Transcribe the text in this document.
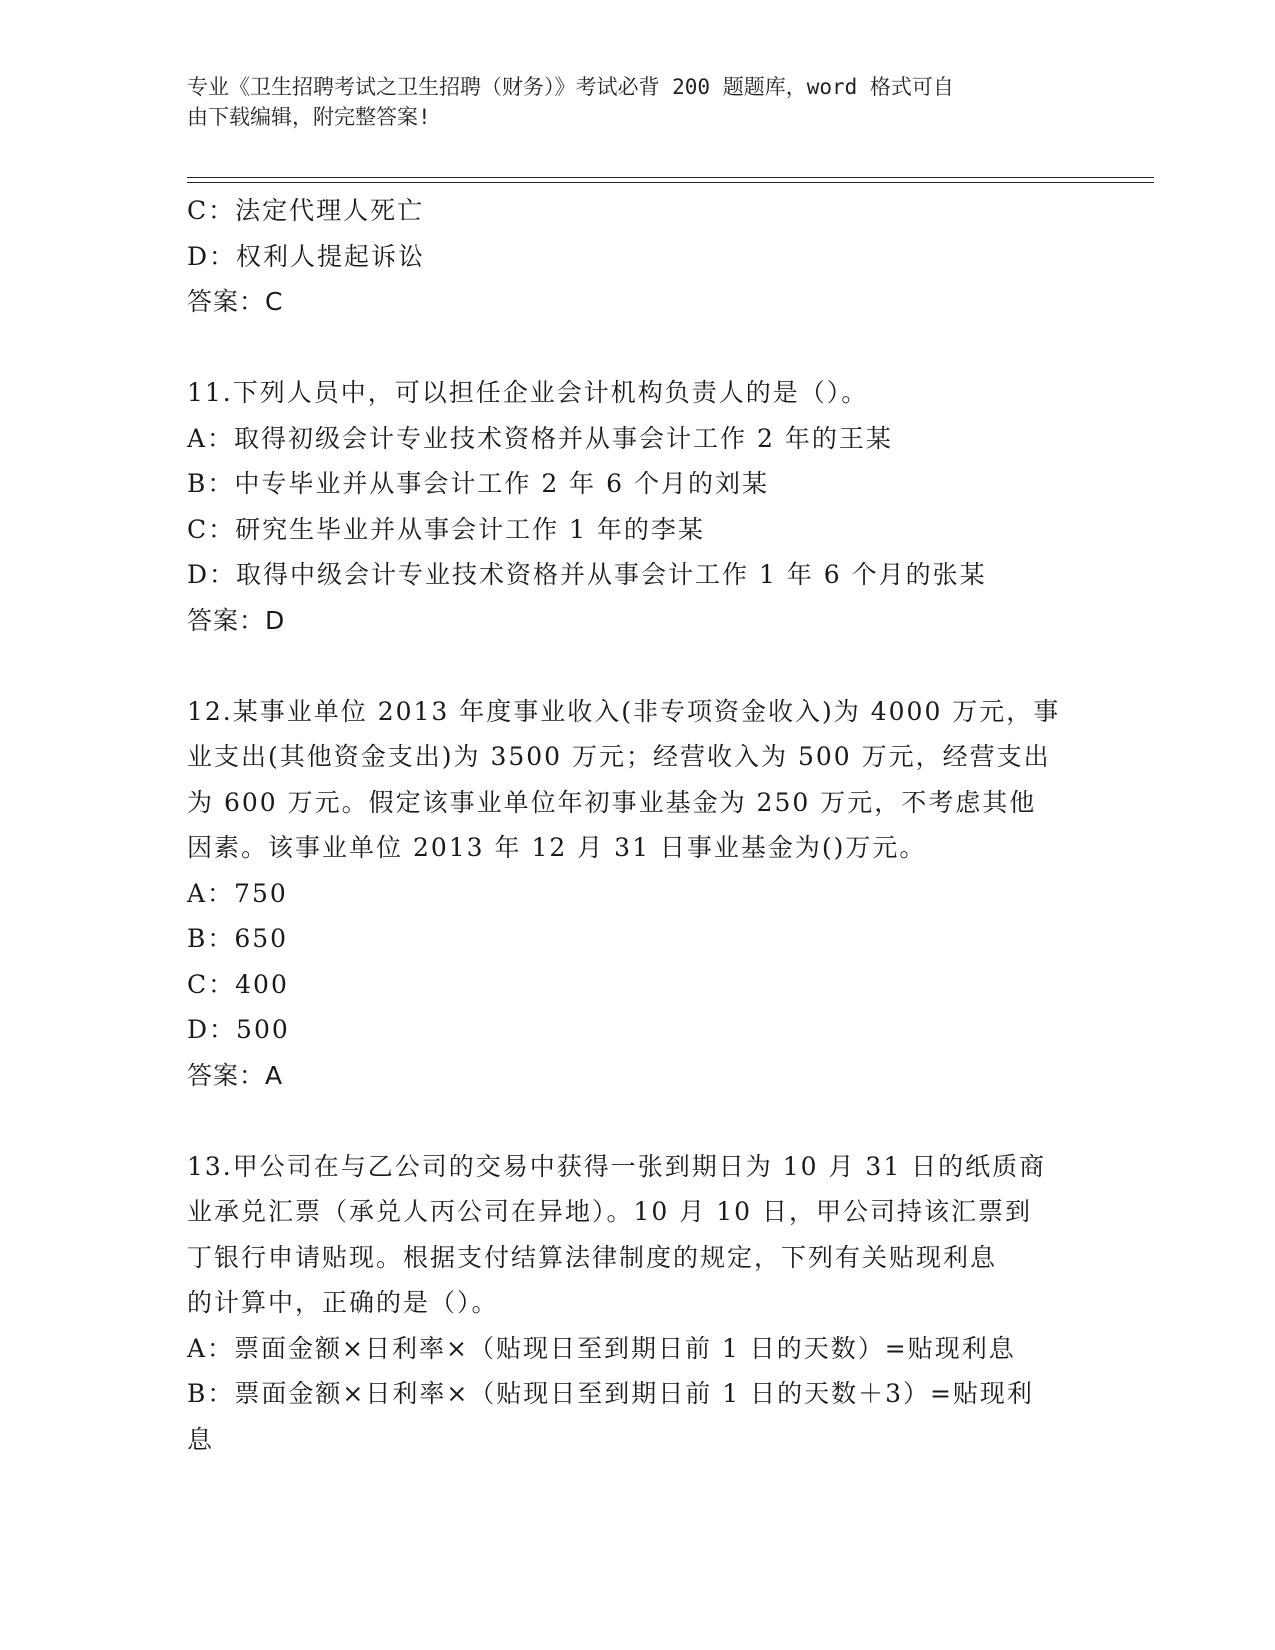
专业《卫生招聘考试之卫生招聘（财务）》考试必背 200 题题库，word 格式可自
由下载编辑，附完整答案!
C：法定代理人死亡
D：权利人提起诉讼
答案：C
11.下列人员中，可以担任企业会计机构负责人的是（）。
A：取得初级会计专业技术资格并从事会计工作 2 年的王某
B：中专毕业并从事会计工作 2 年 6 个月的刘某
C：研究生毕业并从事会计工作 1 年的李某
D：取得中级会计专业技术资格并从事会计工作 1 年 6 个月的张某
答案：D
12.某事业单位 2013 年度事业收入(非专项资金收入)为 4000 万元，事
业支出(其他资金支出)为 3500 万元；经营收入为 500 万元，经营支出
为 600 万元。假定该事业单位年初事业基金为 250 万元，不考虑其他
因素。该事业单位 2013 年 12 月 31 日事业基金为()万元。
A：750
B：650
C：400
D：500
答案：A
13.甲公司在与乙公司的交易中获得一张到期日为 10 月 31 日的纸质商
业承兑汇票（承兑人丙公司在异地）。10 月 10 日，甲公司持该汇票到
丁银行申请贴现。根据支付结算法律制度的规定，下列有关贴现利息
的计算中，正确的是（）。
A：票面金额×日利率×（贴现日至到期日前 1 日的天数）=贴现利息
B：票面金额×日利率×（贴现日至到期日前 1 日的天数＋3）=贴现利
息
